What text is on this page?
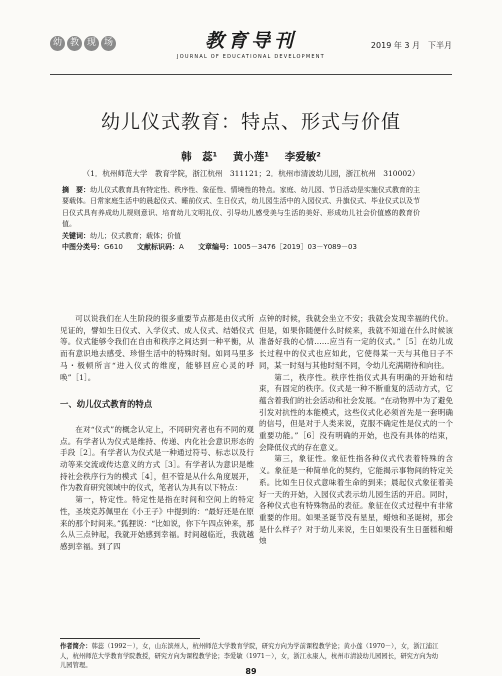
幼 教 现 场	教育导刊
JOURNAL OF EDUCATIONAL DEVELOPMENT
2019 年 3 月　下半月
幼儿仪式教育：特点、形式与价值
韩　蕊¹ 黄小莲¹ 李爱敏²
（1．杭州师范大学　教育学院，浙江杭州　311121；2．杭州市清波幼儿园，浙江杭州　310002）
摘　要：幼儿仪式教育具有特定性、秩序性、象征性、情境性的特点。家庭、幼儿园、节日活动是实施仪式教育的主要载体。日常家庭生活中的晨起仪式、睡前仪式、生日仪式，幼儿园生活中的入园仪式、升旗仪式、毕业仪式以及节日仪式具有养成幼儿规则意识、培育幼儿文明礼仪、引导幼儿感受美与生活的美好、形成幼儿社会价值感的教育价值。
关键词：幼儿；仪式教育；载体；价值
中图分类号：G610 文献标识码：A 文章编号：1005－3476［2019］03－Y089－03

可以说我们在人生阶段的很多重要节点都是由仪式所见证的，譬如生日仪式、入学仪式、成人仪式、结婚仪式等。仪式能够令我们在自由和秩序之间达到一种平衡，从而有意识地去感受、珍惜生活中的特殊时刻。如同马里多马・极顿所言“进入仪式的维度，能够回应心灵的呼唤”［1］。

一、幼儿仪式教育的特点

在对“仪式”的概念认定上，不同研究者也有不同的观点。有学者认为仪式是维持、传递、内化社会意识形态的手段［2］。有学者认为仪式是一种通过符号、标志以及行动等来交流或传达意义的方式［3］。有学者认为意识是维持社会秩序行为的模式［4］，但不管是从什么角度展开，作为教育研究领域中的仪式，笔者认为具有以下特点：

第一，特定性。特定性是指在时间和空间上的特定性，圣埃克苏佩里在《小王子》中提到的：“最好还是在原来的那个时间来。”狐狸说：“比如说，你下午四点钟来，那么从三点钟起，我就开始感到幸福。时间越临近，我就越感到幸福。到了四

点钟的时候，我就会坐立不安；我就会发现幸福的代价。但是，如果你随便什么时候来，我就不知道在什么时候该准备好我的心情……应当有一定的仪式。”［5］在幼儿成长过程中的仪式也应如此，它使得某一天与其他日子不同，某一时刻与其他时刻不同，令幼儿充满期待和向往。

第二，秩序性。秩序性指仪式具有明确的开始和结束，有固定的秩序。仪式是一种不断重复的活动方式，它蕴含着我们的社会活动和社会发展。“在动物界中为了避免引发对抗性的本能模式，这些仪式化必须首先是一套明确的信号，但是对于人类来说，克服不确定性是仪式的一个重要功能。”［6］没有明确的开始，也没有具体的结束，会降低仪式的存在意义。

第三，象征性。象征性指各种仪式代表着特殊的含义。象征是一种简单化的契约，它能揭示事物间的特定关系。比如生日仪式意味着生命的到来；晨起仪式象征着美好一天的开始，入园仪式表示幼儿园生活的开启。同时，各种仪式也有特殊物品的表征。象征在仪式过程中有非常重要的作用。如果圣诞节没有星星，蜡烛和圣诞树，那会是什么样子？对于幼儿来说，生日如果没有生日蛋糕和蜡烛

作者简介：韩蕊（1992－），女，山东滨州人，杭州师范大学教育学院，研究方向为学前课程教学论；黄小莲（1970－），女，浙江浦江人，杭州师范大学教育学院教授，研究方向为课程教学论；李爱敏（1971－），女，浙江永康人，杭州市清波幼儿园园长，研究方向为幼儿园管理。
89
